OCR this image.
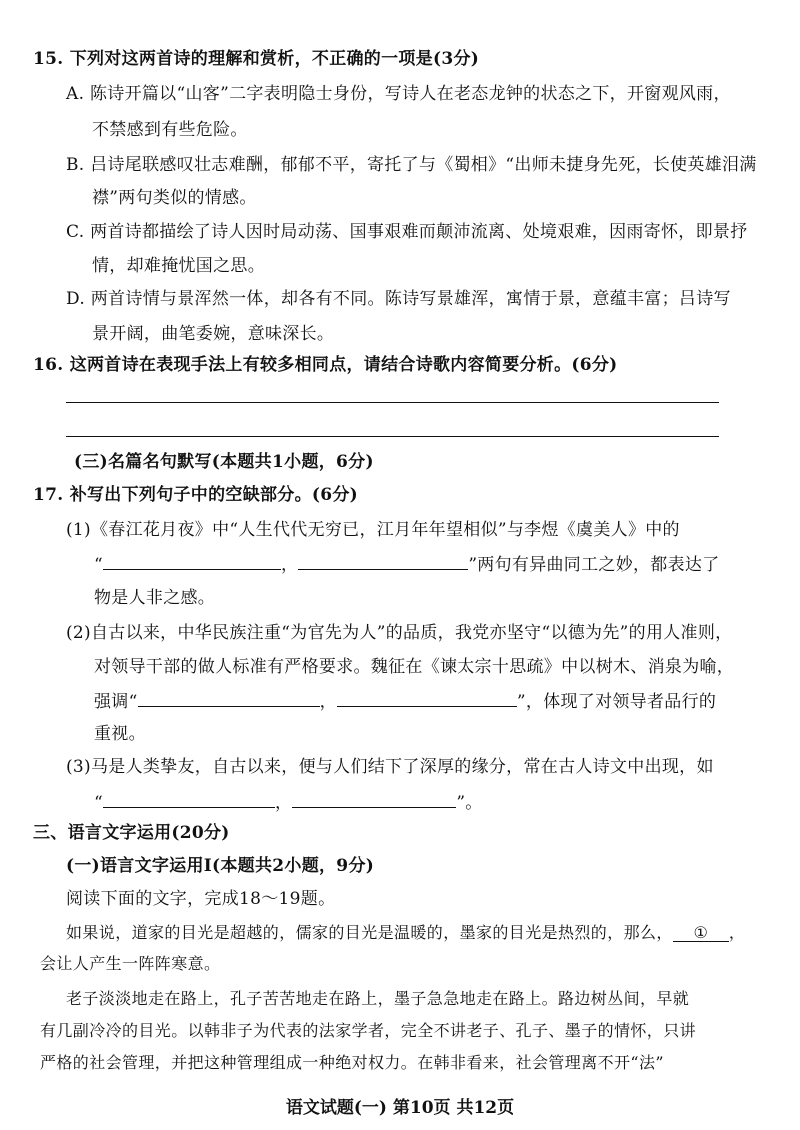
15. 下列对这两首诗的理解和赏析，不正确的一项是(3分)
A. 陈诗开篇以“山客”二字表明隐士身份，写诗人在老态龙钟的状态之下，开窗观风雨，
不禁感到有些危险。
B. 吕诗尾联感叹壮志难酬，郁郁不平，寄托了与《蜀相》“出师未捷身先死，长使英雄泪满
襟”两句类似的情感。
C. 两首诗都描绘了诗人因时局动荡、国事艰难而颠沛流离、处境艰难，因雨寄怀，即景抒
情，却难掩忧国之思。
D. 两首诗情与景浑然一体，却各有不同。陈诗写景雄浑，寓情于景，意蕴丰富；吕诗写
景开阔，曲笔委婉，意味深长。
16. 这两首诗在表现手法上有较多相同点，请结合诗歌内容简要分析。(6分)
(三)名篇名句默写(本题共1小题，6分)
17. 补写出下列句子中的空缺部分。(6分)
(1)《春江花月夜》中“人生代代无穷已，江月年年望相似”与李煜《虞美人》中的
“	，	”两句有异曲同工之妙，都表达了
物是人非之感。
(2)自古以来，中华民族注重“为官先为人”的品质，我党亦坚守“以德为先”的用人准则，
对领导干部的做人标准有严格要求。魏征在《谏太宗十思疏》中以树木、消泉为喻，
强调“	，	”，体现了对领导者品行的
重视。
(3)马是人类挚友，自古以来，便与人们结下了深厚的缘分，常在古人诗文中出现，如
“	，	”。
三、语言文字运用(20分)
(一)语言文字运用Ⅰ(本题共2小题，9分)
阅读下面的文字，完成18～19题。
如果说，道家的目光是超越的，儒家的目光是温暖的，墨家的目光是热烈的，那么， ① ，
会让人产生一阵阵寒意。
老子淡淡地走在路上，孔子苦苦地走在路上，墨子急急地走在路上。路边树丛间，早就
有几副冷冷的目光。以韩非子为代表的法家学者，完全不讲老子、孔子、墨子的情怀，只讲
严格的社会管理，并把这种管理组成一种绝对权力。在韩非看来，社会管理离不开“法”
语文试题(一) 第10页 共12页
